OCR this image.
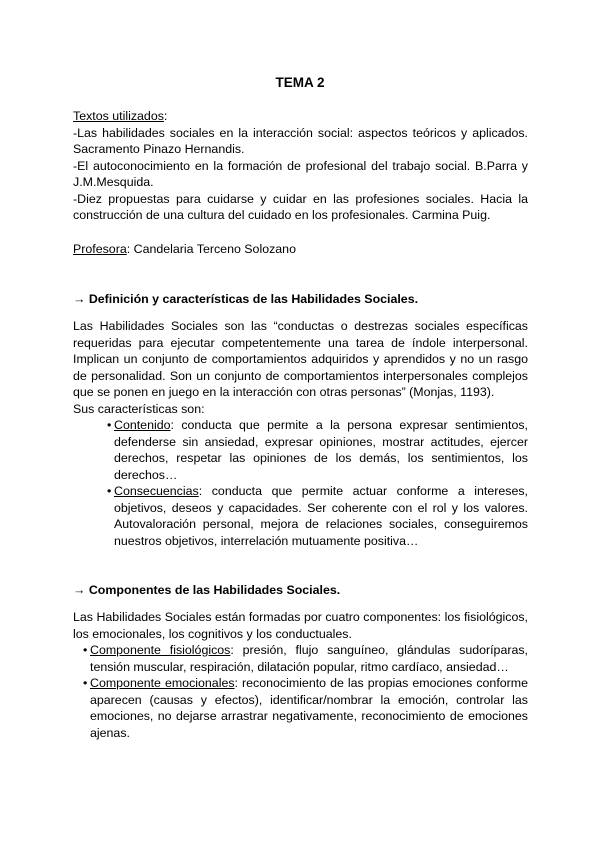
TEMA 2

Textos utilizados:

-Las habilidades sociales en la interacción social: aspectos teóricos y aplicados. Sacramento Pinazo Hernandis.

-El autoconocimiento en la formación de profesional del trabajo social. B.Parra y J.M.Mesquida.

-Diez propuestas para cuidarse y cuidar en las profesiones sociales. Hacia la construcción de una cultura del cuidado en los profesionales. Carmina Puig.

Profesora: Candelaria Terceno Solozano
→ Definición y características de las Habilidades Sociales.

Las Habilidades Sociales son las “conductas o destrezas sociales específicas requeridas para ejecutar competentemente una tarea de índole interpersonal. Implican un conjunto de comportamientos adquiridos y aprendidos y no un rasgo de personalidad. Son un conjunto de comportamientos interpersonales complejos que se ponen en juego en la interacción con otras personas” (Monjas, 1193).

Sus características son:

• Contenido: conducta que permite a la persona expresar sentimientos, defenderse sin ansiedad, expresar opiniones, mostrar actitudes, ejercer derechos, respetar las opiniones de los demás, los sentimientos, los derechos…

• Consecuencias: conducta que permite actuar conforme a intereses, objetivos, deseos y capacidades. Ser coherente con el rol y los valores. Autovaloración personal, mejora de relaciones sociales, conseguiremos nuestros objetivos, interrelación mutuamente positiva…

→ Componentes de las Habilidades Sociales.

Las Habilidades Sociales están formadas por cuatro componentes: los fisiológicos, los emocionales, los cognitivos y los conductuales.

• Componente fisiológicos: presión, flujo sanguíneo, glándulas sudoríparas, tensión muscular, respiración, dilatación popular, ritmo cardíaco, ansiedad…

• Componente emocionales: reconocimiento de las propias emociones conforme aparecen (causas y efectos), identificar/nombrar la emoción, controlar las emociones, no dejarse arrastrar negativamente, reconocimiento de emociones ajenas.
